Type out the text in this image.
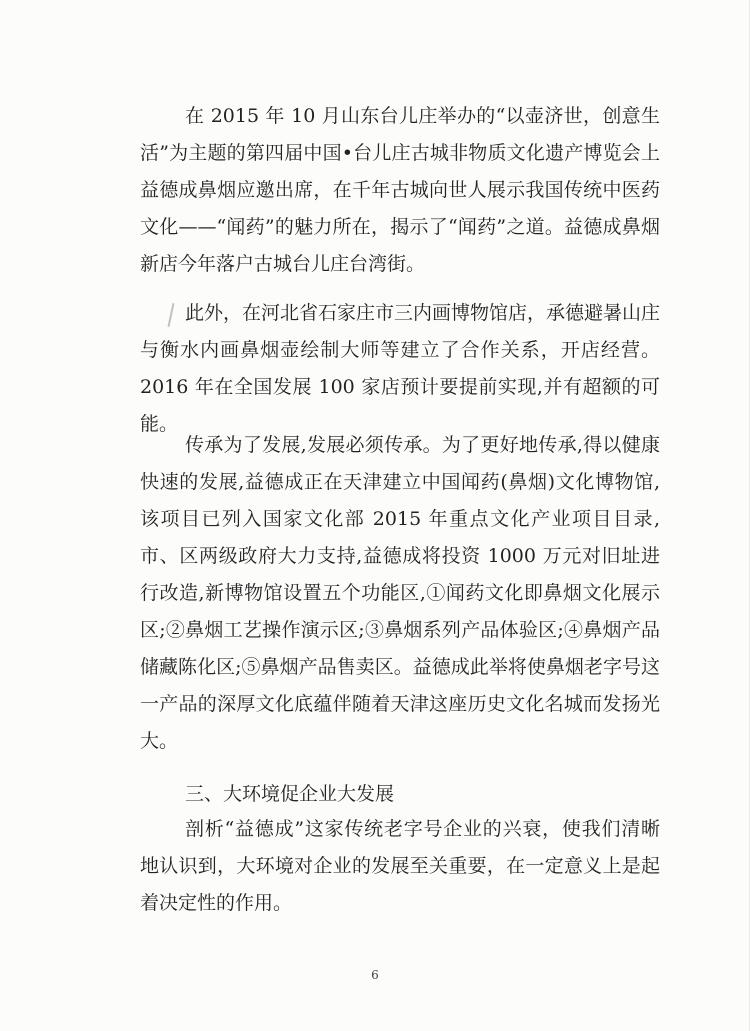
在 2015 年 10 月山东台儿庄举办的“以壶济世，创意生活”为主题的第四届中国•台儿庄古城非物质文化遗产博览会上益德成鼻烟应邀出席，在千年古城向世人展示我国传统中医药文化——“闻药”的魅力所在，揭示了“闻药”之道。益德成鼻烟新店今年落户古城台儿庄台湾街。

此外，在河北省石家庄市三内画博物馆店，承德避暑山庄与衡水内画鼻烟壶绘制大师等建立了合作关系，开店经营。2016 年在全国发展 100 家店预计要提前实现,并有超额的可能。

传承为了发展,发展必须传承。为了更好地传承,得以健康快速的发展,益德成正在天津建立中国闻药(鼻烟)文化博物馆,该项目已列入国家文化部 2015 年重点文化产业项目目录,市、区两级政府大力支持,益德成将投资 1000 万元对旧址进行改造,新博物馆设置五个功能区,①闻药文化即鼻烟文化展示区;②鼻烟工艺操作演示区;③鼻烟系列产品体验区;④鼻烟产品储藏陈化区;⑤鼻烟产品售卖区。益德成此举将使鼻烟老字号这一产品的深厚文化底蕴伴随着天津这座历史文化名城而发扬光大。

三、大环境促企业大发展

剖析“益德成”这家传统老字号企业的兴衰，使我们清晰地认识到，大环境对企业的发展至关重要，在一定意义上是起着决定性的作用。

6
